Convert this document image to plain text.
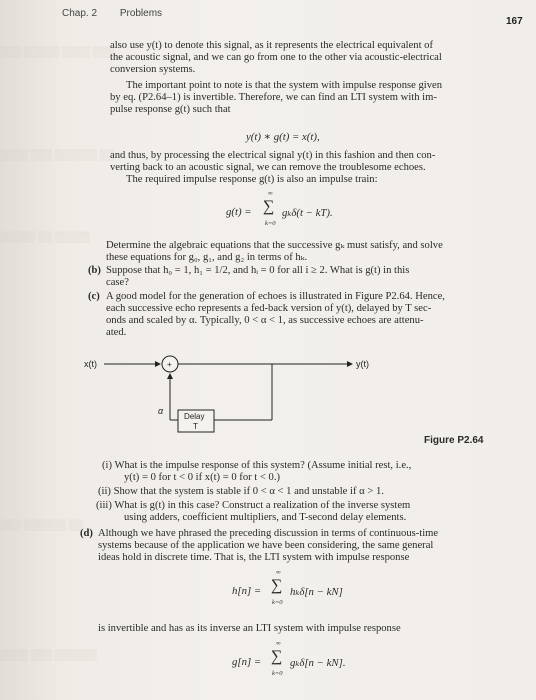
▒▒▒ ▒▒▒▒▒ ▒▒▒▒ ▒▒▒
▒▒▒▒ ▒▒▒ ▒▒▒▒▒▒ ▒▒
▒▒▒▒▒ ▒▒ ▒▒▒▒▒
▒▒▒ ▒▒▒▒▒▒ ▒▒
▒▒▒▒ ▒▒▒ ▒▒▒▒▒▒
Chap. 2 Problems
167
also use y(t) to denote this signal, as it represents the electrical equivalent of
the acoustic signal, and we can go from one to the other via acoustic-electrical
conversion systems.
The important point to note is that the system with impulse response given
by eq. (P2.64–1) is invertible. Therefore, we can find an LTI system with im-
pulse response g(t) such that
y(t) ∗ g(t) = x(t),
and thus, by processing the electrical signal y(t) in this fashion and then con-
verting back to an acoustic signal, we can remove the troublesome echoes.
The required impulse response g(t) is also an impulse train:
g(t) =
∞
∑
k=0
gₖδ(t − kT).
Determine the algebraic equations that the successive gₖ must satisfy, and solve
these equations for g₀, g₁, and g₂ in terms of hₖ.
(b) Suppose that h₀ = 1, h₁ = 1/2, and hᵢ = 0 for all i ≥ 2. What is g(t) in this
case?
(c) A good model for the generation of echoes is illustrated in Figure P2.64. Hence,
each successive echo represents a fed-back version of y(t), delayed by T sec-
onds and scaled by α. Typically, 0 < α < 1, as successive echoes are attenu-
ated.
x(t)	+	y(t)
Delay
T
α
Figure P2.64
(i) What is the impulse response of this system? (Assume initial rest, i.e.,
y(t) = 0 for t < 0 if x(t) = 0 for t < 0.)
(ii) Show that the system is stable if 0 < α < 1 and unstable if α > 1.
(iii) What is g(t) in this case? Construct a realization of the inverse system
using adders, coefficient multipliers, and T-second delay elements.
(d) Although we have phrased the preceding discussion in terms of continuous-time
systems because of the application we have been considering, the same general
ideas hold in discrete time. That is, the LTI system with impulse response
h[n] =
∞
∑
k=0
hₖδ[n − kN]
is invertible and has as its inverse an LTI system with impulse response
g[n] =
∞
∑
k=0
gₖδ[n − kN].
